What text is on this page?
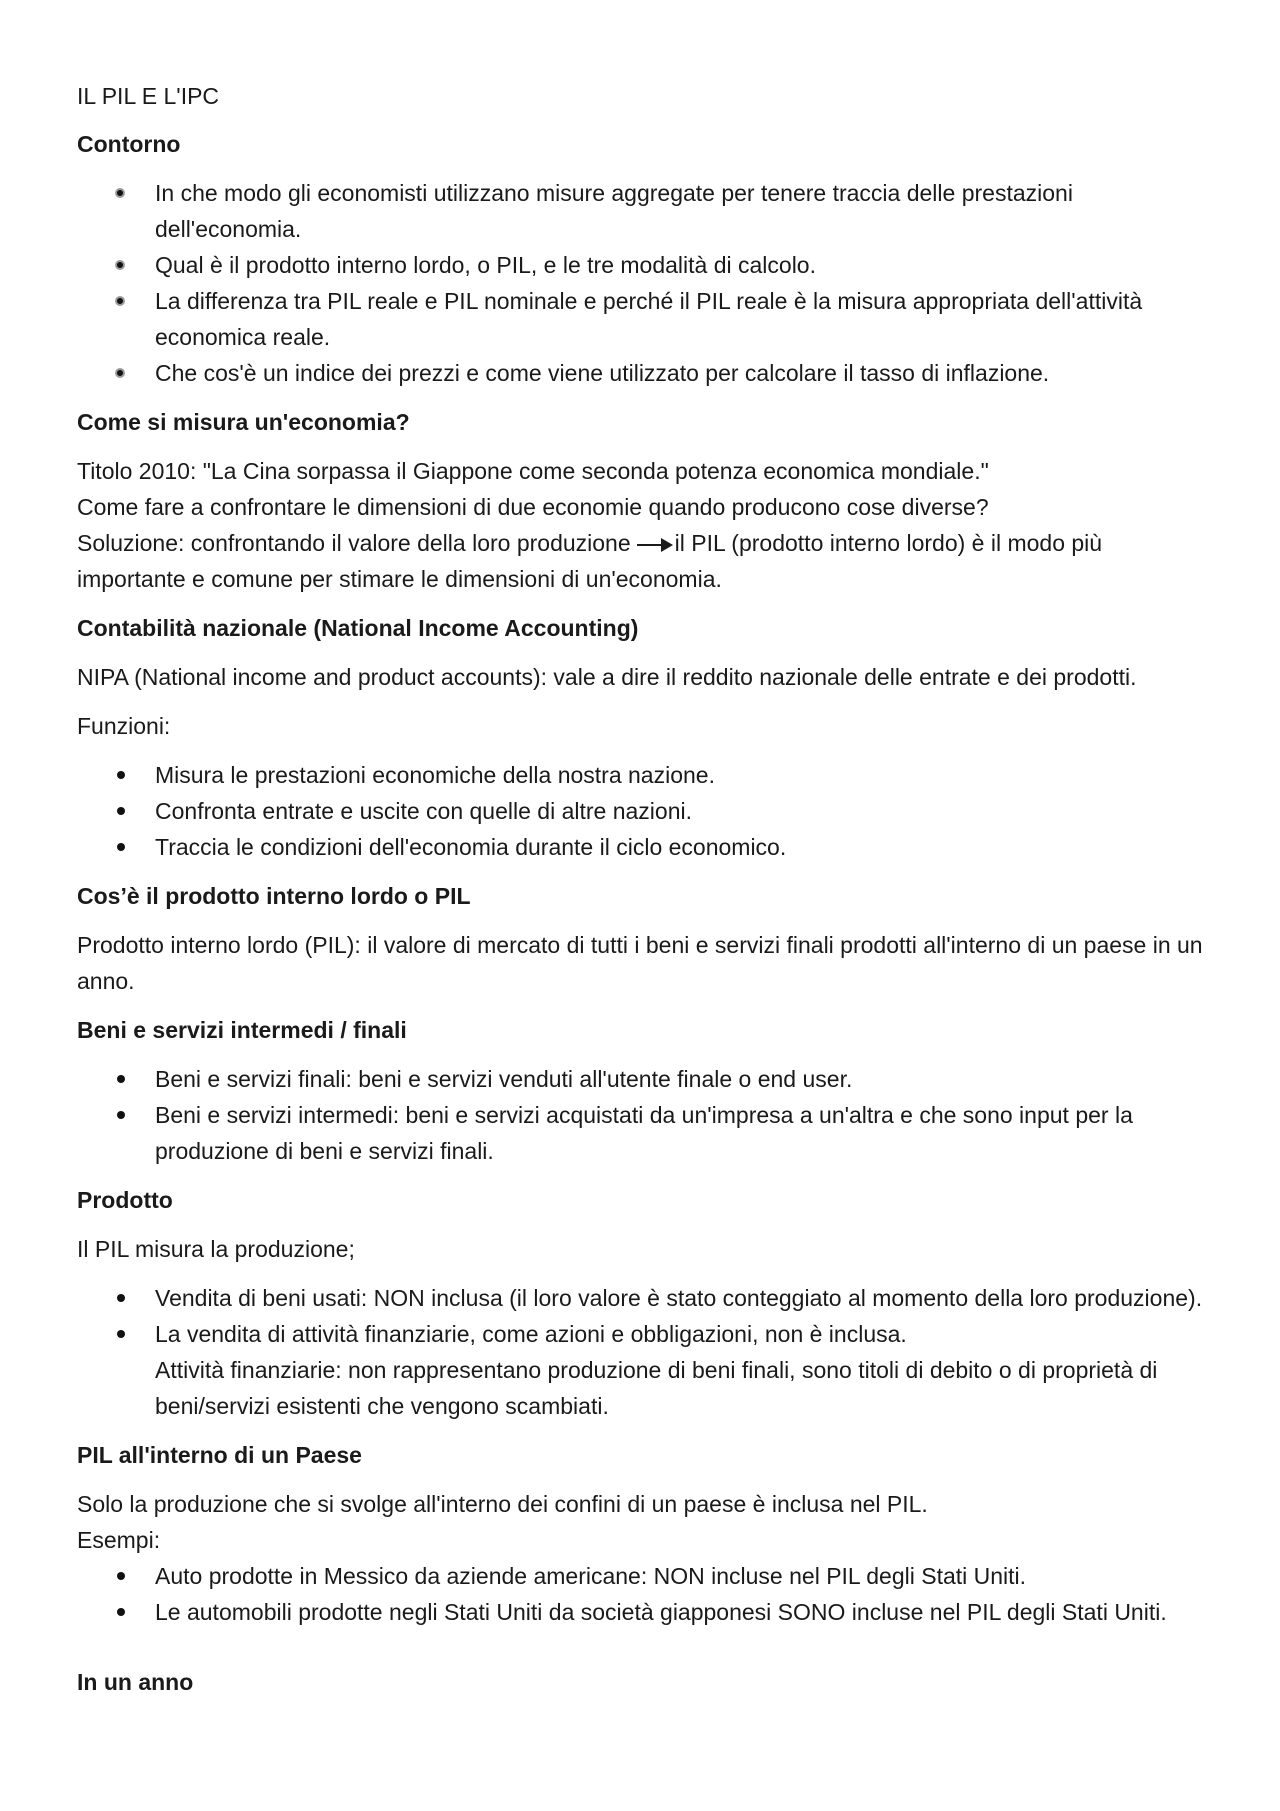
IL PIL E L'IPC
Contorno
In che modo gli economisti utilizzano misure aggregate per tenere traccia delle prestazioni dell'economia.
Qual è il prodotto interno lordo, o PIL, e le tre modalità di calcolo.
La differenza tra PIL reale e PIL nominale e perché il PIL reale è la misura appropriata dell'attività economica reale.
Che cos'è un indice dei prezzi e come viene utilizzato per calcolare il tasso di inflazione.
Come si misura un'economia?
Titolo 2010: "La Cina sorpassa il Giappone come seconda potenza economica mondiale."
Come fare a confrontare le dimensioni di due economie quando producono cose diverse?
Soluzione: confrontando il valore della loro produzione il PIL (prodotto interno lordo) è il modo più importante e comune per stimare le dimensioni di un'economia.
Contabilità nazionale (National Income Accounting)
NIPA (National income and product accounts): vale a dire il reddito nazionale delle entrate e dei prodotti.
Funzioni:
Misura le prestazioni economiche della nostra nazione.
Confronta entrate e uscite con quelle di altre nazioni.
Traccia le condizioni dell'economia durante il ciclo economico.
Cos’è il prodotto interno lordo o PIL
Prodotto interno lordo (PIL): il valore di mercato di tutti i beni e servizi finali prodotti all'interno di un paese in un anno.
Beni e servizi intermedi / finali
Beni e servizi finali: beni e servizi venduti all'utente finale o end user.
Beni e servizi intermedi: beni e servizi acquistati da un'impresa a un'altra e che sono input per la produzione di beni e servizi finali.
Prodotto
Il PIL misura la produzione;
Vendita di beni usati: NON inclusa (il loro valore è stato conteggiato al momento della loro produzione).
La vendita di attività finanziarie, come azioni e obbligazioni, non è inclusa.
Attività finanziarie: non rappresentano produzione di beni finali, sono titoli di debito o di proprietà di beni/servizi esistenti che vengono scambiati.
PIL all'interno di un Paese
Solo la produzione che si svolge all'interno dei confini di un paese è inclusa nel PIL.
Esempi:
Auto prodotte in Messico da aziende americane: NON incluse nel PIL degli Stati Uniti.
Le automobili prodotte negli Stati Uniti da società giapponesi SONO incluse nel PIL degli Stati Uniti.
In un anno
